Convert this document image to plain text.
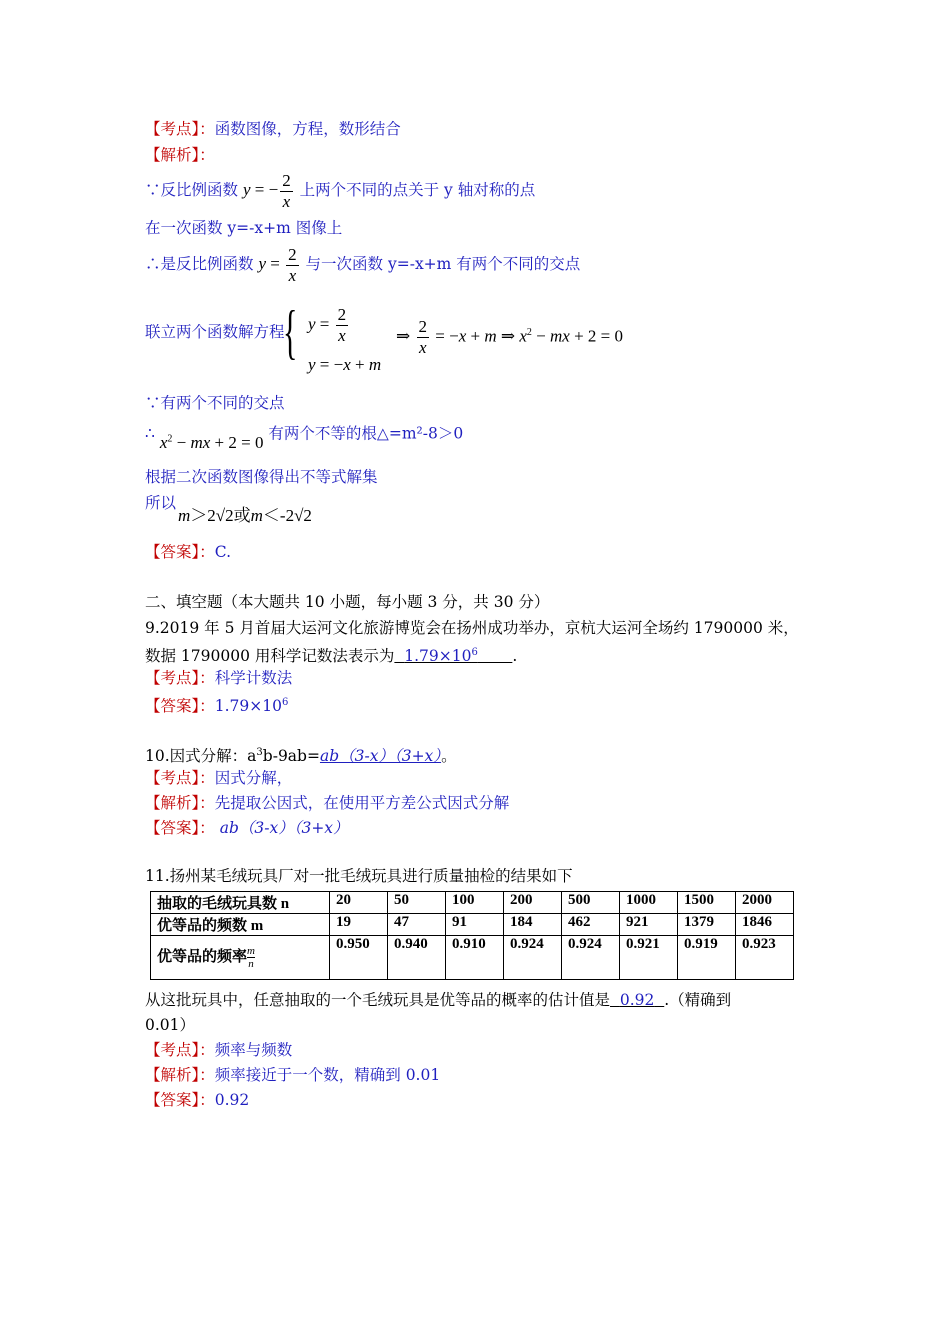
【考点】：函数图像，方程，数形结合
【解析】：
∵反比例函数 y = − $\frac{2}{x}$ 上两个不同的点关于 y 轴对称的点
在一次函数 y=-x+m 图像上
∴是反比例函数 $y = \frac{2}{x}$ 与一次函数 y=-x+m 有两个不同的交点
联立两个函数解方程
{ $y = \frac{2}{x}$
y = −x + m
⇒ $\frac{2}{x} = -x + m$ ⇒ $x^2$ − mx + 2 = 0
∵有两个不同的交点
∴ $x^2$ − mx + 2 = 0 有两个不等的根△=m²-8＞0
根据二次函数图像得出不等式解集
所以
m＞2√2或m＜-2√2
【答案】：C.
二、填空题（本大题共 10 小题，每小题 3 分，共 30 分）
9.2019 年 5 月首届大运河文化旅游博览会在扬州成功举办，京杭大运河全场约 1790000 米，
数据 1790000 用科学记数法表示为 $1.79\times 10^6$ .
【考点】：科学计数法
【答案】：$1.79\times 10^6$
10.因式分解：$a^3b-9ab=ab(3-x)(3+x)$。
【考点】：因式分解，
【解析】：先提取公因式，在使用平方差公式因式分解
【答案】： ab（3-x）（3+x）
11.扬州某毛绒玩具厂对一批毛绒玩具进行质量抽检的结果如下
抽取的毛绒玩具数 n	20	50	100	200	500	1000	1500	2000
优等品的频数 m	19	47	91	184	462	921	1379	1846
优等品的频率 $\frac{m}{n}$	0.950	0.940	0.910	0.924	0.924	0.921	0.919	0.923
从这批玩具中，任意抽取的一个毛绒玩具是优等品的概率的估计值是 0.92 .（精确到
0.01）
【考点】：频率与频数
【解析】：频率接近于一个数，精确到 0.01
【答案】：0.92
